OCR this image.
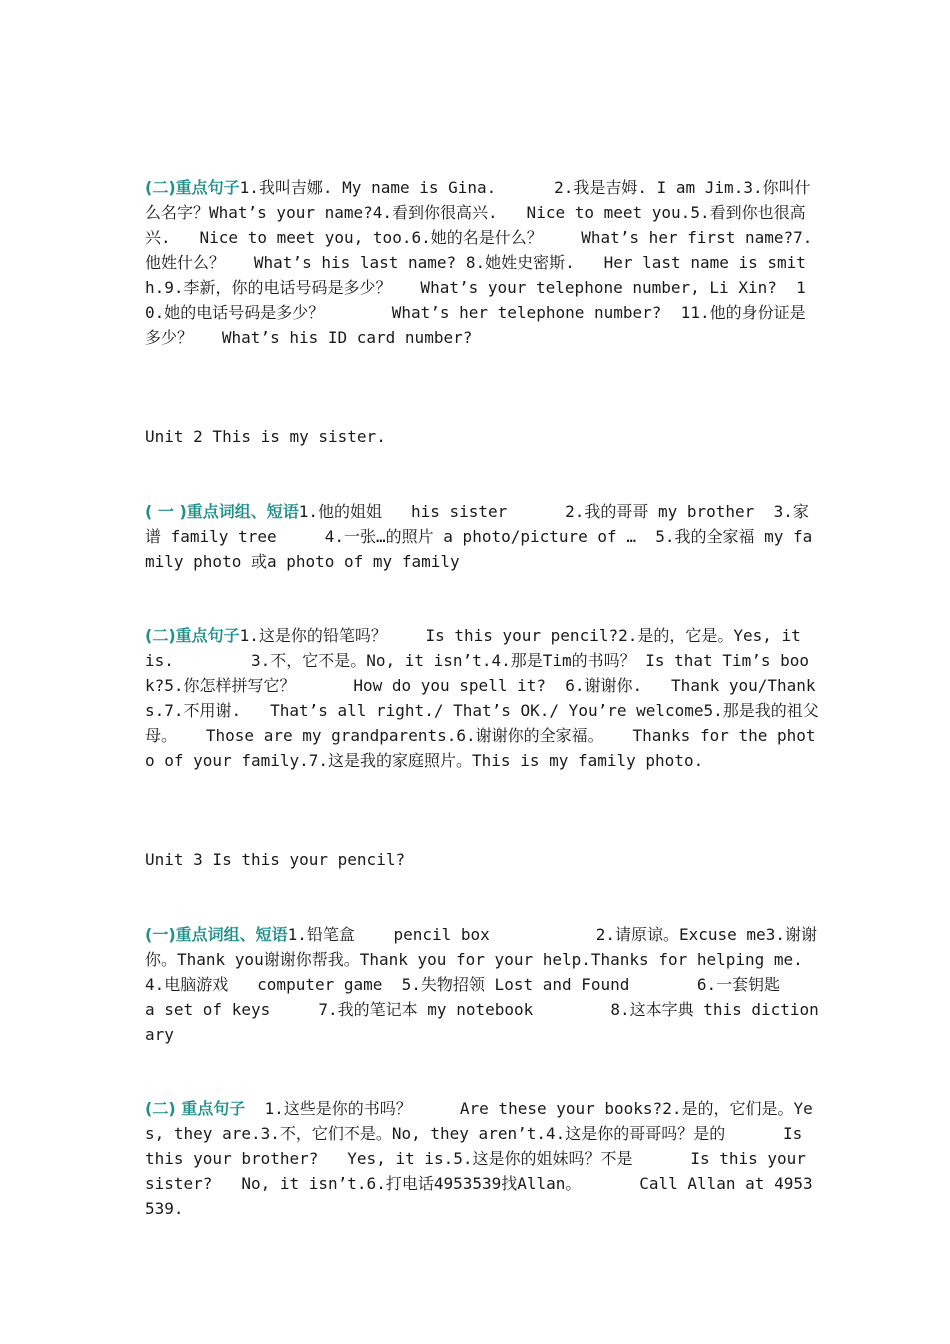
(二)重点句子1.我叫吉娜. My name is Gina.      2.我是吉姆. I am Jim.3.你叫什么名字？What’s your name?4.看到你很高兴.   Nice to meet you.5.看到你也很高兴.   Nice to meet you, too.6.她的名是什么？    What’s her first name?7.他姓什么？   What’s his last name? 8.她姓史密斯.   Her last name is smith.9.李新，你的电话号码是多少？   What’s your telephone number, Li Xin?  10.她的电话号码是多少？       What’s her telephone number?  11.他的身份证是多少？   What’s his ID card number?
Unit 2 This is my sister.
( 一 )重点词组、短语1.他的姐姐   his sister      2.我的哥哥 my brother  3.家谱 family tree     4.一张…的照片 a photo/picture of …  5.我的全家福 my family photo 或a photo of my family
(二)重点句子1.这是你的铅笔吗？    Is this your pencil?2.是的，它是。Yes, it is.        3.不，它不是。No, it isn’t.4.那是Tim的书吗？ Is that Tim’s book?5.你怎样拼写它？      How do you spell it?  6.谢谢你.   Thank you/Thanks.7.不用谢.   That’s all right./ That’s OK./ You’re welcome5.那是我的祖父母。   Those are my grandparents.6.谢谢你的全家福。   Thanks for the photo of your family.7.这是我的家庭照片。This is my family photo.
Unit 3 Is this your pencil?
(一)重点词组、短语1.铅笔盒    pencil box           2.请原谅。Excuse me3.谢谢你。Thank you谢谢你帮我。Thank you for your help.Thanks for helping me.        4.电脑游戏   computer game  5.失物招领 Lost and Found       6.一套钥匙    a set of keys     7.我的笔记本 my notebook        8.这本字典 this dictionary
(二) 重点句子  1.这些是你的书吗？     Are these your books?2.是的，它们是。Yes, they are.3.不，它们不是。No, they aren’t.4.这是你的哥哥吗？是的      Is this your brother?   Yes, it is.5.这是你的姐妹吗？不是      Is this your sister?   No, it isn’t.6.打电话4953539找Allan。      Call Allan at 4953539.
